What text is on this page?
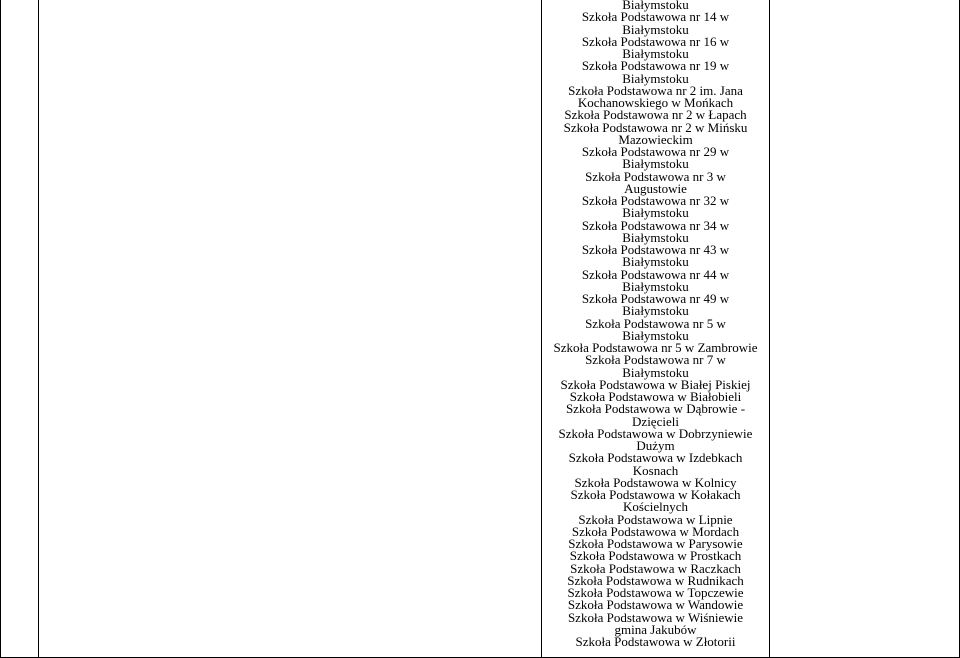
Białymstoku
Szkoła Podstawowa nr 14 w
Białymstoku
Szkoła Podstawowa nr 16 w
Białymstoku
Szkoła Podstawowa nr 19 w
Białymstoku
Szkoła Podstawowa nr 2 im. Jana
Kochanowskiego w Mońkach
Szkoła Podstawowa nr 2 w Łapach
Szkoła Podstawowa nr 2 w Mińsku
Mazowieckim
Szkoła Podstawowa nr 29 w
Białymstoku
Szkoła Podstawowa nr 3 w
Augustowie
Szkoła Podstawowa nr 32 w
Białymstoku
Szkoła Podstawowa nr 34 w
Białymstoku
Szkoła Podstawowa nr 43 w
Białymstoku
Szkoła Podstawowa nr 44 w
Białymstoku
Szkoła Podstawowa nr 49 w
Białymstoku
Szkoła Podstawowa nr 5 w
Białymstoku
Szkoła Podstawowa nr 5 w Zambrowie
Szkoła Podstawowa nr 7 w
Białymstoku
Szkoła Podstawowa w Białej Piskiej
Szkoła Podstawowa w Białobieli
Szkoła Podstawowa w Dąbrowie -
Dzięcieli
Szkoła Podstawowa w Dobrzyniewie
Dużym
Szkoła Podstawowa w Izdebkach
Kosnach
Szkoła Podstawowa w Kolnicy
Szkoła Podstawowa w Kołakach
Kościelnych
Szkoła Podstawowa w Lipnie
Szkoła Podstawowa w Mordach
Szkoła Podstawowa w Parysowie
Szkoła Podstawowa w Prostkach
Szkoła Podstawowa w Raczkach
Szkoła Podstawowa w Rudnikach
Szkoła Podstawowa w Topczewie
Szkoła Podstawowa w Wandowie
Szkoła Podstawowa w Wiśniewie
gmina Jakubów
Szkoła Podstawowa w Złotorii
